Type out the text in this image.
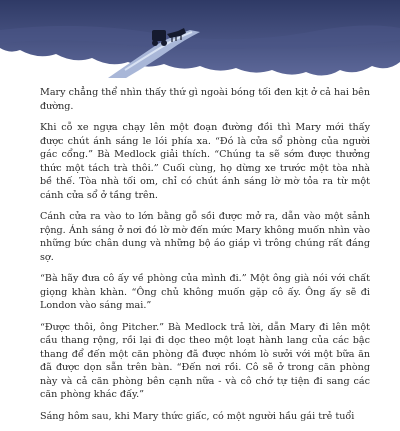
Mary chẳng thể nhìn thấy thứ gì ngoài bóng tối đen kịt ở cả hai bên đường.

Khi cỗ xe ngựa chạy lên một đoạn đường đồi thì Mary mới thấy được chút ánh sáng le lói phía xa. “Đó là cửa sổ phòng của người gác cổng.” Bà Medlock giải thích. “Chúng ta sẽ sớm được thưởng thức một tách trà thôi.” Cuối cùng, họ dừng xe trước một tòa nhà bề thế. Tòa nhà tối om, chỉ có chút ánh sáng lờ mờ tỏa ra từ một cánh cửa sổ ở tầng trên.

Cánh cửa ra vào to lớn bằng gỗ sồi được mở ra, dẫn vào một sảnh rộng. Ánh sáng ở nơi đó lờ mờ đến mức Mary không muốn nhìn vào những bức chân dung và những bộ áo giáp vì trông chúng rất đáng sợ.

“Bà hãy đưa cô ấy về phòng của mình đi.” Một ông già nói với chất giọng khàn khàn. “Ông chủ không muốn gặp cô ấy. Ông ấy sẽ đi London vào sáng mai.”

“Được thôi, ông Pitcher.” Bà Medlock trả lời, dẫn Mary đi lên một cầu thang rộng, rồi lại đi dọc theo một loạt hành lang của các bậc thang để đến một căn phòng đã được nhóm lò sưởi với một bữa ăn đã được dọn sẵn trên bàn. “Đến nơi rồi. Cô sẽ ở trong căn phòng này và cả căn phòng bên cạnh nữa - và cô chớ tự tiện đi sang các căn phòng khác đấy.”

Sáng hôm sau, khi Mary thức giấc, có một người hầu gái trẻ tuổi
